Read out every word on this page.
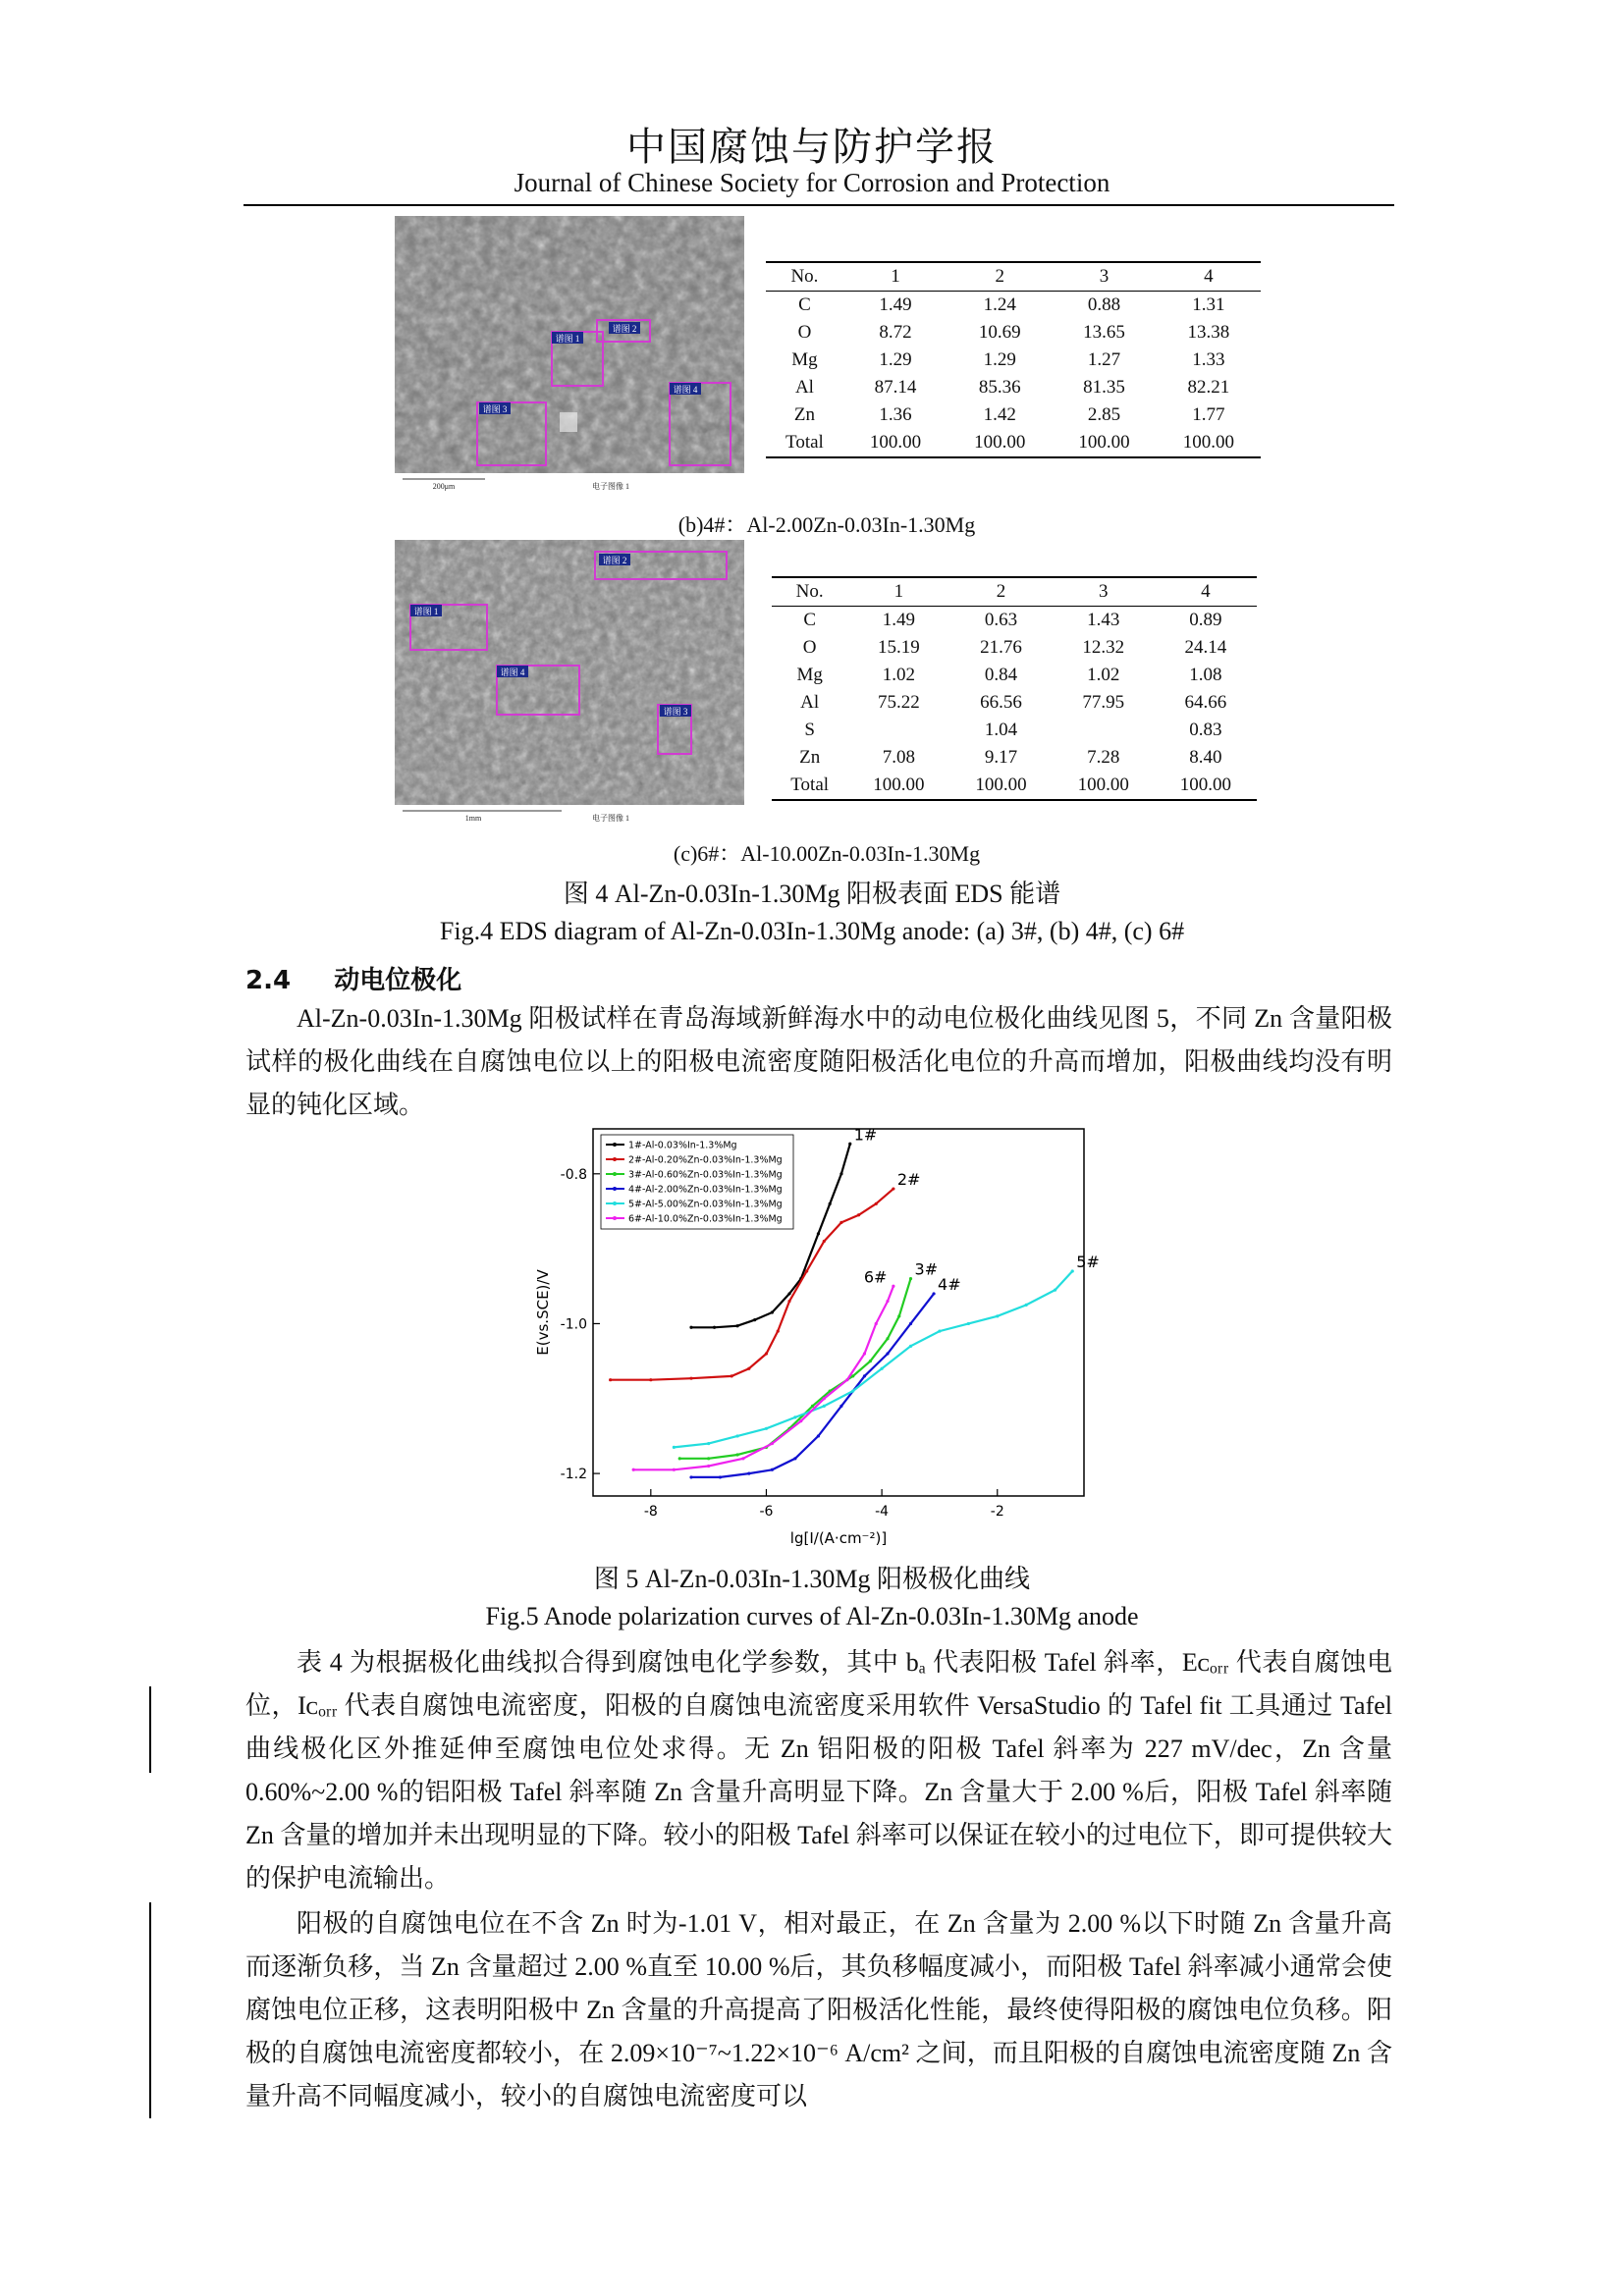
中国腐蚀与防护学报
Journal of Chinese Society for Corrosion and Protection
200μm	电子图像 1
谱图 1
谱图 2
谱图 3
谱图 4
No.	1	2	3	4
C	1.49	1.24	0.88	1.31
O	8.72	10.69	13.65	13.38
Mg	1.29	1.29	1.27	1.33
Al	87.14	85.36	81.35	82.21
Zn	1.36	1.42	2.85	1.77
Total	100.00	100.00	100.00	100.00
(b)4#：Al-2.00Zn-0.03In-1.30Mg
1mm	电子图像 1
谱图 1
谱图 2
谱图 3
谱图 4
No.	1	2	3	4
C	1.49	0.63	1.43	0.89
O	15.19	21.76	12.32	24.14
Mg	1.02	0.84	1.02	1.08
Al	75.22	66.56	77.95	64.66
S		1.04		0.83
Zn	7.08	9.17	7.28	8.40
Total	100.00	100.00	100.00	100.00
(c)6#：Al-10.00Zn-0.03In-1.30Mg
图 4 Al-Zn-0.03In-1.30Mg 阳极表面 EDS 能谱
Fig.4 EDS diagram of Al-Zn-0.03In-1.30Mg anode: (a) 3#, (b) 4#, (c) 6#
2.4 动电位极化

Al-Zn-0.03In-1.30Mg 阳极试样在青岛海域新鲜海水中的动电位极化曲线见图 5，不同 Zn 含量阳极试样的极化曲线在自腐蚀电位以上的阳极电流密度随阳极活化电位的升高而增加，阳极曲线均没有明显的钝化区域。

1#
2#
3#
4#
5#
6#
-8	-6	-4	-2
-0.8
-1.0
-1.2
1#-Al-0.03%In-1.3%Mg
2#-Al-0.20%Zn-0.03%In-1.3%Mg
3#-Al-0.60%Zn-0.03%In-1.3%Mg
4#-Al-2.00%Zn-0.03%In-1.3%Mg
5#-Al-5.00%Zn-0.03%In-1.3%Mg
6#-Al-10.0%Zn-0.03%In-1.3%Mg
lg[I/(A·cm⁻²)]
E(vs.SCE)/V
图 5 Al-Zn-0.03In-1.30Mg 阳极极化曲线
Fig.5 Anode polarization curves of Al-Zn-0.03In-1.30Mg anode

表 4 为根据极化曲线拟合得到腐蚀电化学参数，其中 bₐ 代表阳极 Tafel 斜率，Eᴄₒᵣᵣ 代表自腐蚀电位，Iᴄₒᵣᵣ 代表自腐蚀电流密度，阳极的自腐蚀电流密度采用软件 VersaStudio 的 Tafel fit 工具通过 Tafel 曲线极化区外推延伸至腐蚀电位处求得。无 Zn 铝阳极的阳极 Tafel 斜率为 227 mV/dec，Zn 含量 0.60%~2.00 %的铝阳极 Tafel 斜率随 Zn 含量升高明显下降。Zn 含量大于 2.00 %后，阳极 Tafel 斜率随 Zn 含量的增加并未出现明显的下降。较小的阳极 Tafel 斜率可以保证在较小的过电位下，即可提供较大的保护电流输出。

阳极的自腐蚀电位在不含 Zn 时为-1.01 V，相对最正，在 Zn 含量为 2.00 %以下时随 Zn 含量升高而逐渐负移，当 Zn 含量超过 2.00 %直至 10.00 %后，其负移幅度减小，而阳极 Tafel 斜率减小通常会使腐蚀电位正移，这表明阳极中 Zn 含量的升高提高了阳极活化性能，最终使得阳极的腐蚀电位负移。阳极的自腐蚀电流密度都较小，在 2.09×10⁻⁷~1.22×10⁻⁶ A/cm² 之间，而且阳极的自腐蚀电流密度随 Zn 含量升高不同幅度减小，较小的自腐蚀电流密度可以
